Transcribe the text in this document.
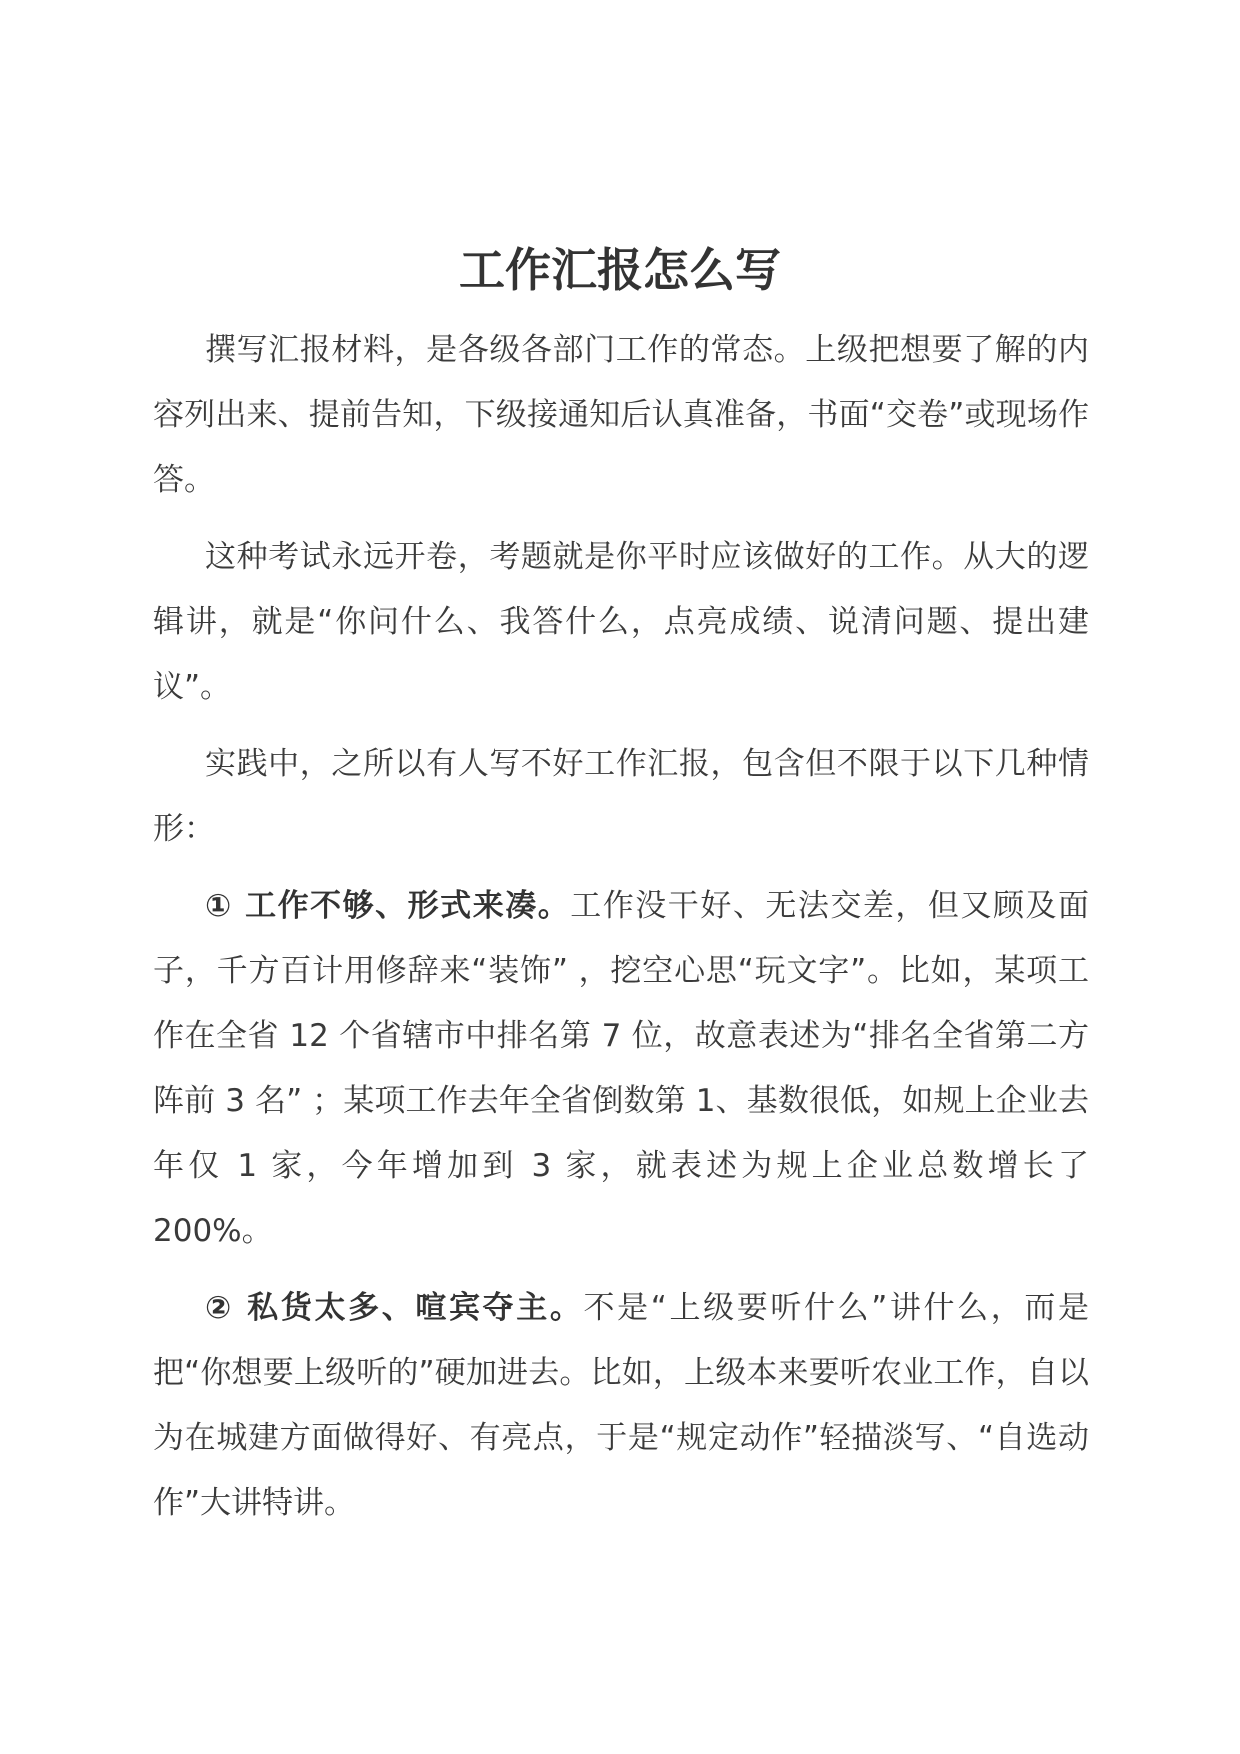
工作汇报怎么写

撰写汇报材料，是各级各部门工作的常态。上级把想要了解的内容列出来、提前告知，下级接通知后认真准备，书面“交卷”或现场作答。

这种考试永远开卷，考题就是你平时应该做好的工作。从大的逻辑讲，就是“你问什么、我答什么，点亮成绩、说清问题、提出建议”。

实践中，之所以有人写不好工作汇报，包含但不限于以下几种情形：

① 工作不够、形式来凑。工作没干好、无法交差，但又顾及面子，千方百计用修辞来“装饰” ，挖空心思“玩文字”。比如，某项工作在全省 12 个省辖市中排名第 7 位，故意表述为“排名全省第二方阵前 3 名” ；某项工作去年全省倒数第 1、基数很低，如规上企业去年仅 1 家，今年增加到 3 家，就表述为规上企业总数增长了 200%。

② 私货太多、喧宾夺主。不是“上级要听什么”讲什么，而是把“你想要上级听的”硬加进去。比如，上级本来要听农业工作，自以为在城建方面做得好、有亮点，于是“规定动作”轻描淡写、“自选动作”大讲特讲。
